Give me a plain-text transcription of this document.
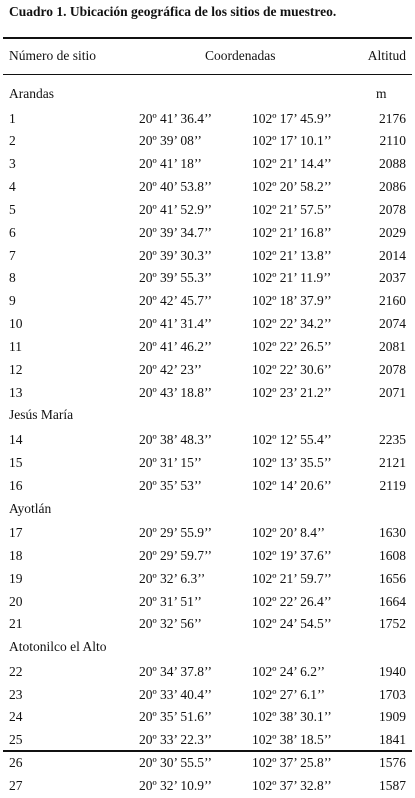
Cuadro 1. Ubicación geográfica de los sitios de muestreo.
Número de sitio	Coordenadas	Altitud
Arandas	m
1	20º 41’ 36.4’’	102º 17’ 45.9’’	2176
2	20º 39’ 08’’	102º 17’ 10.1’’	2110
3	20º 41’ 18’’	102º 21’ 14.4’’	2088
4	20º 40’ 53.8’’	102º 20’ 58.2’’	2086
5	20º 41’ 52.9’’	102º 21’ 57.5’’	2078
6	20º 39’ 34.7’’	102º 21’ 16.8’’	2029
7	20º 39’ 30.3’’	102º 21’ 13.8’’	2014
8	20º 39’ 55.3’’	102º 21’ 11.9’’	2037
9	20º 42’ 45.7’’	102º 18’ 37.9’’	2160
10	20º 41’ 31.4’’	102º 22’ 34.2’’	2074
11	20º 41’ 46.2’’	102º 22’ 26.5’’	2081
12	20º 42’ 23’’	102º 22’ 30.6’’	2078
13	20º 43’ 18.8’’	102º 23’ 21.2’’	2071
Jesús María
14	20º 38’ 48.3’’	102º 12’ 55.4’’	2235
15	20º 31’ 15’’	102º 13’ 35.5’’	2121
16	20º 35’ 53’’	102º 14’ 20.6’’	2119
Ayotlán
17	20º 29’ 55.9’’	102º 20’ 8.4’’	1630
18	20º 29’ 59.7’’	102º 19’ 37.6’’	1608
19	20º 32’ 6.3’’	102º 21’ 59.7’’	1656
20	20º 31’ 51’’	102º 22’ 26.4’’	1664
21	20º 32’ 56’’	102º 24’ 54.5’’	1752
Atotonilco el Alto
22	20º 34’ 37.8’’	102º 24’ 6.2’’	1940
23	20º 33’ 40.4’’	102º 27’ 6.1’’	1703
24	20º 35’ 51.6’’	102º 38’ 30.1’’	1909
25	20º 33’ 22.3’’	102º 38’ 18.5’’	1841
26	20º 30’ 55.5’’	102º 37’ 25.8’’	1576
27	20º 32’ 10.9’’	102º 37’ 32.8’’	1587
